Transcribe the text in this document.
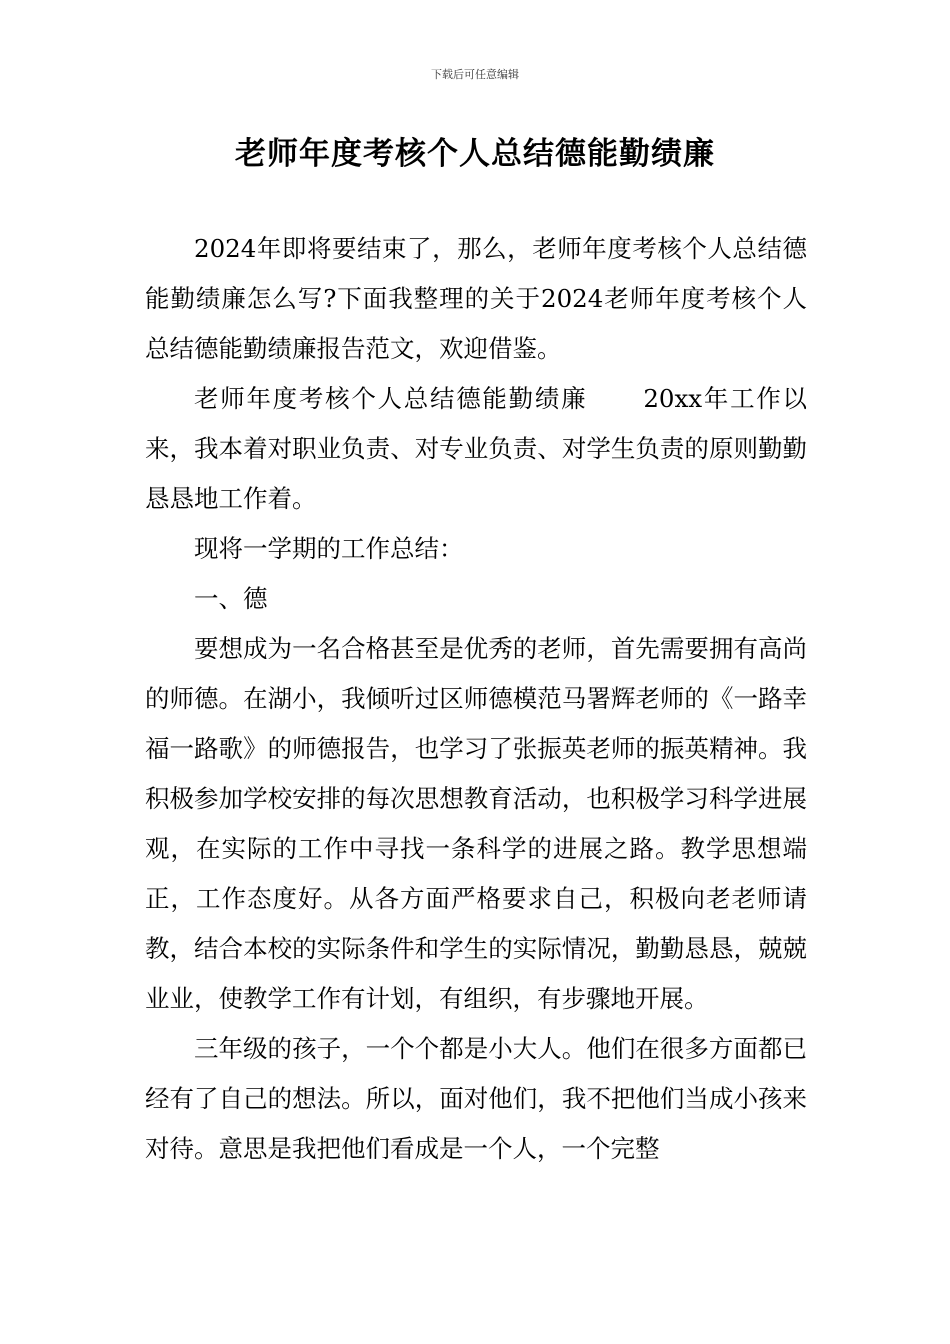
下载后可任意编辑
老师年度考核个人总结德能勤绩廉

2024年即将要结束了，那么，老师年度考核个人总结德能勤绩廉怎么写?下面我整理的关于2024老师年度考核个人总结德能勤绩廉报告范文，欢迎借鉴。

老师年度考核个人总结德能勤绩廉 20xx年工作以来，我本着对职业负责、对专业负责、对学生负责的原则勤勤恳恳地工作着。

现将一学期的工作总结：

一、德

要想成为一名合格甚至是优秀的老师，首先需要拥有高尚的师德。在湖小，我倾听过区师德模范马署辉老师的《一路幸福一路歌》的师德报告，也学习了张振英老师的振英精神。我积极参加学校安排的每次思想教育活动，也积极学习科学进展观，在实际的工作中寻找一条科学的进展之路。教学思想端正，工作态度好。从各方面严格要求自己，积极向老老师请教，结合本校的实际条件和学生的实际情况，勤勤恳恳，兢兢业业，使教学工作有计划，有组织，有步骤地开展。

三年级的孩子，一个个都是小大人。他们在很多方面都已经有了自己的想法。所以，面对他们，我不把他们当成小孩来对待。意思是我把他们看成是一个人，一个完整
